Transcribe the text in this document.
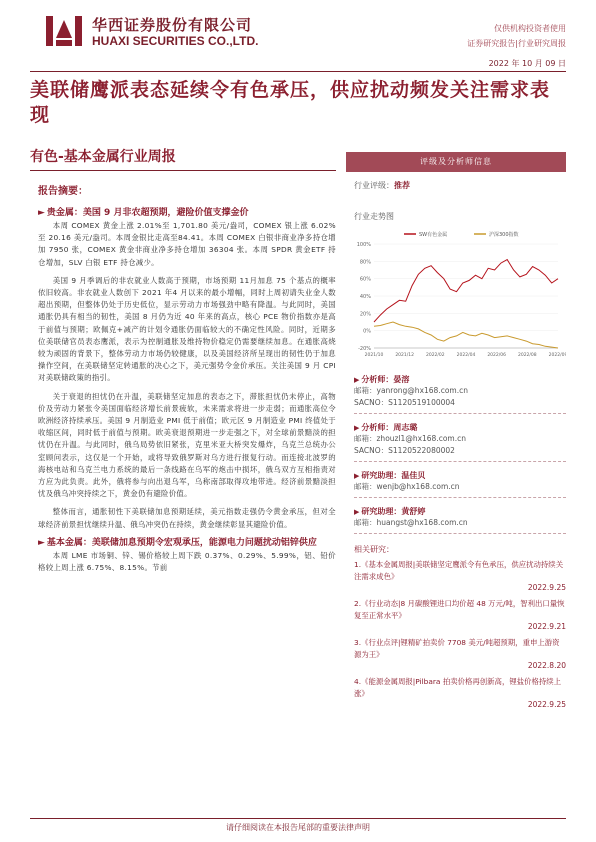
华西证券股份有限公司
HUAXI SECURITIES CO.,LTD.
仅供机构投资者使用
证券研究报告|行业研究周报
2022 年 10 月 09 日
美联储鹰派表态延续令有色承压，供应扰动频发关注需求表现
有色-基本金属行业周报
报告摘要：
► 贵金属：美国 9 月非农超预期，避险价值支撑金价

本周 COMEX 黄金上涨 2.01%至 1,701.80 美元/盎司，COMEX 银上涨 6.02%至 20.16 美元/盎司。本周金银比走高至84.41。本周 COMEX 白银非商业净多持仓增加 7950 张，COMEX 黄金非商业净多持仓增加 36304 张。本周 SPDR 黄金ETF 持仓增加，SLV 白银 ETF 持仓减少。

美国 9 月季调后的非农就业人数高于预期，市场预期 11月加息 75 个基点的概率依旧较高。非农就业人数创下 2021 年4 月以来的最小增幅，同时上周初请失业金人数超出预期，但整体仍处于历史低位，显示劳动力市场强劲中略有降温。与此同时，美国通胀仍具有相当的韧性，美国 8 月仍为近 40 年来的高点，核心 PCE 物价指数亦是高于前值与预期；欧佩克+减产的计划令通胀仍面临较大的不确定性风险。同时，近期多位美联储官员表态鹰派，表示为控制通胀及维持物价稳定仍需要继续加息。在通胀高烧较为顽固的背景下，整体劳动力市场仍较健康，以及美国经济所呈现出的韧性仍于加息操作空间，在美联储坚定转通胀的决心之下，美元强势令金价承压。关注美国 9 月 CPI 对美联储政策的指引。

关于衰退的担忧仍在升温，美联储坚定加息的表态之下，滞胀担忧仍未停止，高物价及劳动力紧张令美国面临经济增长前景疲软，未来需求将进一步走弱；而通胀高位令欧洲经济持续承压。美国 9 月制造业 PMI 低于前值；欧元区 9 月制造业 PMI 终值处于收缩区间，同时低于前值与预期。欧美衰退预期进一步走强之下，对全球前景黯淡的担忧仍在升温。与此同时，俄乌局势依旧紧张，克里米亚大桥突发爆炸，乌克兰总统办公室顾问表示，这仅是一个开始，或将导致俄罗斯对乌方进行报复行动。而连接北波罗的海核电站和乌克兰电力系统的最后一条线路在乌军的炮击中损坏，俄乌双方互相指责对方应为此负责。此外，俄将参与向出退乌军，乌称南部取得攻地带进。经济前景黯淡担忧及俄乌冲突持续之下，黄金仍有避险价值。

整体而言，通胀韧性下美联储加息预期延续，美元指数走强仍令黄金承压，但对全球经济前景担忧继续升温、俄乌冲突仍在持续，黄金继续彰显其避险价值。

► 基本金属：美联储加息预期令宏观承压，能源电力问题扰动铝锌供应

本周 LME 市场铜、锌、锡价格较上周下跌 0.37%、0.29%、5.99%，铝、铅价格较上周上涨 6.75%、8.15%。节前

评级及分析师信息
行业评级：推荐
行业走势图
100%
80%
60%
40%
20%
0%
-20%
2021/10	2021/12	2022/02	2022/04	2022/06	2022/08	2022/09
SW有色金属	沪深300指数
▶ 分析师：晏溶
邮箱：yanrong@hx168.com.cn
SACNO：S1120519100004
▶ 分析师：周志璐
邮箱：zhouzl1@hx168.com.cn
SACNO：S1120522080002
▶ 研究助理：温佳贝
邮箱：wenjb@hx168.com.cn
▶ 研究助理：黄舒婷
邮箱：huangst@hx168.com.cn
相关研究：
1.《基本金属周报|美联储坚定鹰派令有色承压，供应扰动持续关注需求成色》
2022.9.25
2.《行业动态|8 月碳酸锂进口均价超 48 万元/吨，智利出口量恢复至正常水平》
2022.9.21
3.《行业点评|锂精矿拍卖价 7708 美元/吨超预期，重申上游资源为王》
2022.8.20
4.《能源金属周报|Pilbara 拍卖价格再创新高，锂盐价格持续上涨》
2022.9.25
请仔细阅读在本报告尾部的重要法律声明
